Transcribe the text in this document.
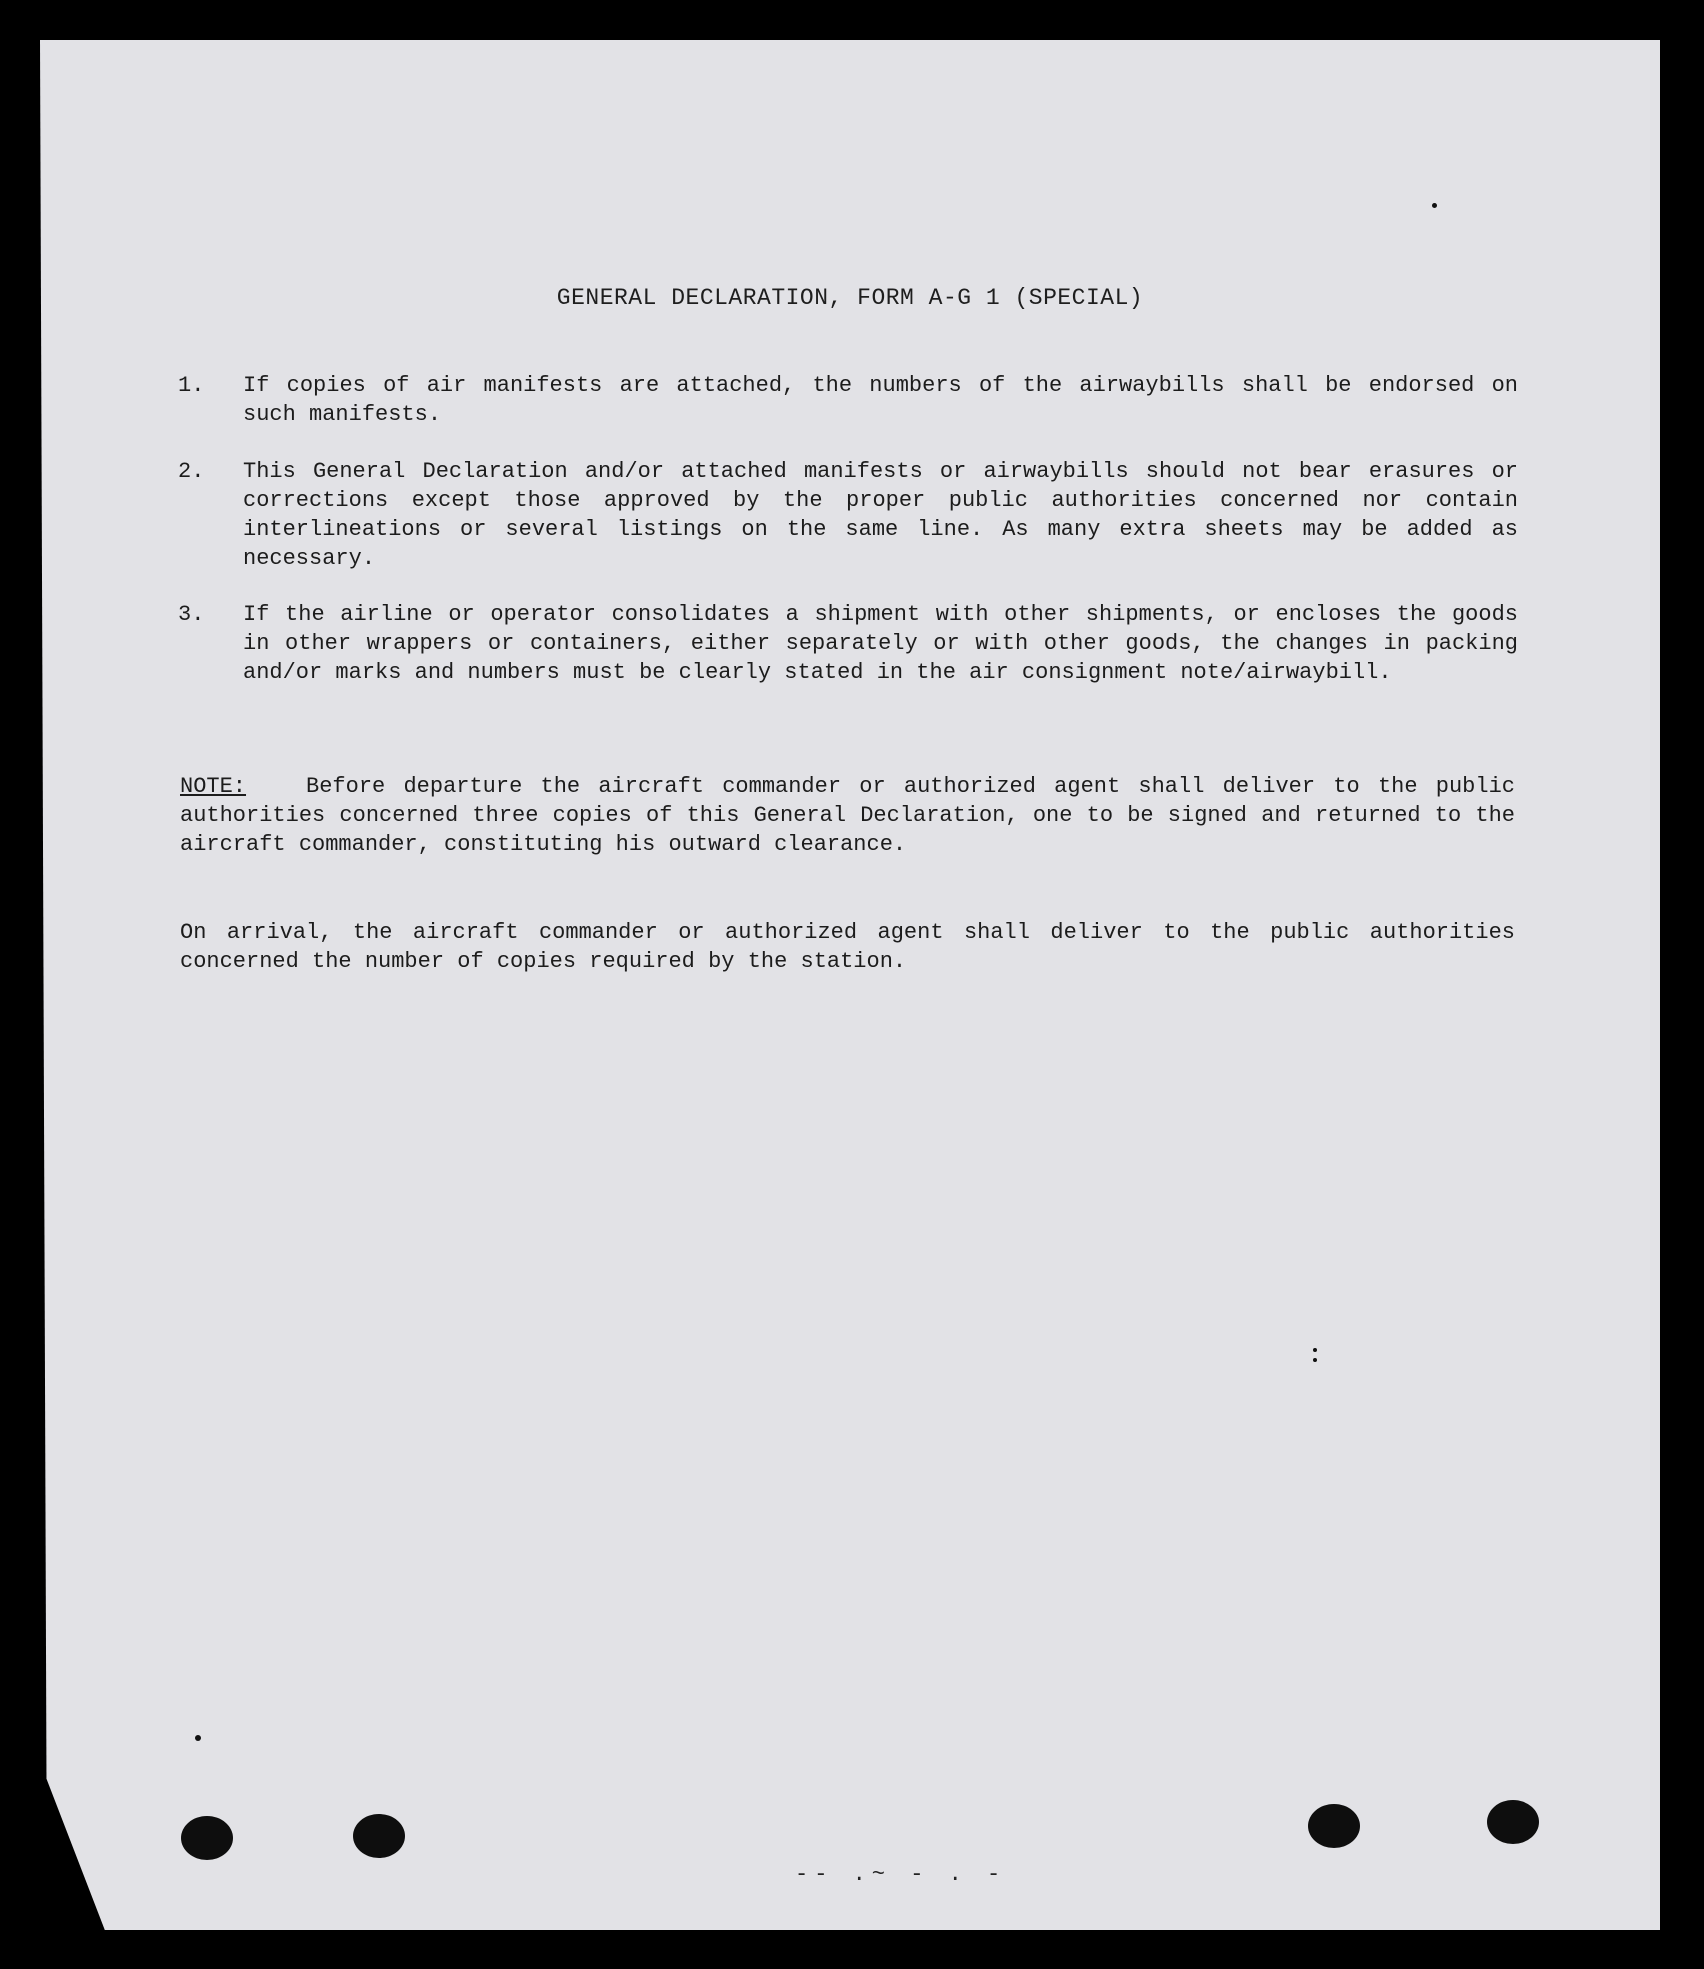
GENERAL DECLARATION, FORM A-G 1 (SPECIAL)
1.	If copies of air manifests are attached, the numbers of the airwaybills shall be endorsed on such manifests.
2.	This General Declaration and/or attached manifests or airwaybills should not bear erasures or corrections except those approved by the proper public authorities concerned nor contain interlineations or several listings on the same line. As many extra sheets may be added as necessary.
3.	If the airline or operator consolidates a shipment with other shipments, or encloses the goods in other wrappers or containers, either separately or with other goods, the changes in packing and/or marks and numbers must be clearly stated in the air consignment note/airwaybill.
NOTE:	Before departure the aircraft commander or authorized agent shall deliver to the public authorities concerned three copies of this General Declaration, one to be signed and returned to the aircraft commander, constituting his outward clearance.
On arrival, the aircraft commander or authorized agent shall deliver to the public authorities concerned the number of copies required by the station.
-- .~ - . -
